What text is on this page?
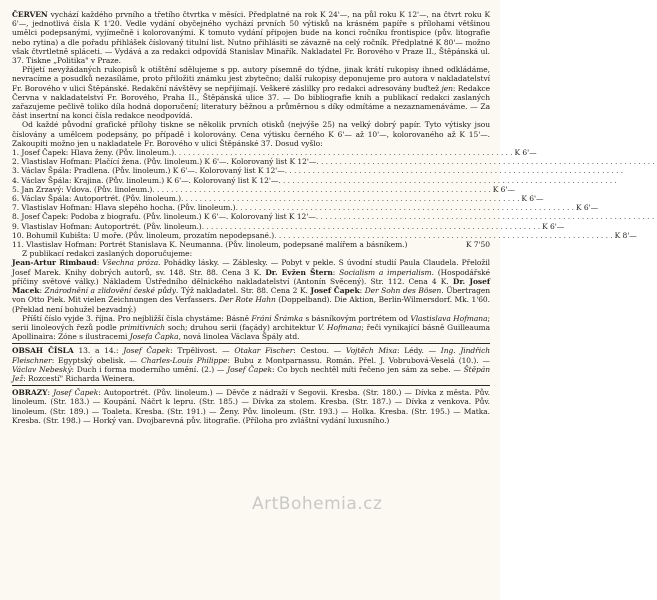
ČERVEN vychází každého prvního a třetího čtvrtka v měsíci. Předplatné na rok K 24'—, na půl roku K 12'—, na čtvrt roku K 6'—, jednotlivá čísla K 1'20. Vedle vydání obyčejného vychází prvních 50 výtisků na krásném papíře s přílohami většinou umělci podepsanými, vyjímečně i kolorovanými. K tomuto vydání připojen bude na konci ročníku frontispice (pův. litografie nebo rytina) a dle pořadu přihlášek číslovaný titulní list. Nutno přihlásiti se závazně na celý ročník. Předplatné K 80'— možno však čtvrtletně spláceti. — Vydává a za redakci odpovídá Stanislav Minařík. Nakladatel Fr. Borového v Praze II., Štěpánská ul. 37. Tiskne „Politika" v Praze.

Přijetí nevyžádaných rukopisů k otištění sdělujeme s pp. autory písemně do týdne, jinak krátí rukopisy ihned odkládáme, nevracíme a posudků nezasíláme, proto přiložiti známku jest zbytečno; další rukopisy deponujeme pro autora v nakladatelství Fr. Borového v ulici Štěpánské. Redakční návštěvy se nepřijímají. Veškeré záslilky pro redakci adresovány buďtež jen: Redakce Června v nakladatelství Fr. Borového, Praha II., Štěpánská ulice 37. — Do bibliografie knih a publikací redakci zaslaných zařazujeme pečlivě toliko díla hodná doporučení; literatury běžnou a průměrnou s díky odmítáme a nezaznamenáváme. — Za část insertní na konci čísla redakce neodpovídá.

Od každé původní grafické přílohy tiskne se několik prvních otisků (nejvýše 25) na velký dobrý papír. Tyto výtisky jsou číslovány a umělcem podepsány, po případě i kolorovány. Cena výtisku černého K 6'— až 10'—, kolorovaného až K 15'—. Zakoupiti možno jen u nakladatele Fr. Borového v ulici Štěpánské 37. Dosud vyšlo:

1. Josef Čapek: Hlava ženy. (Pův. linoleum.) . . . . . . . . . . . . . . . . . . . . . . . . . . . . . . . . . . . . . . . . . . . . . . . . . . . . . . . . . . . . . . . . . . . . . . . . . K 6'—
2. Vlastislav Hofman: Plačící žena. (Pův. linoleum.) K 6'—. Kolorovaný list K 12'— . . . . . . . . . . . . . . . . . . . . . . . . . . . . . . . . . . . . . . . . . . . . . . . . . . . . . . . . . . . . . . . . . . . . . . . . .
3. Václav Špála: Pradlena. (Pův. linoleum.) K 6'—. Kolorovaný list K 12'— . . . . . . . . . . . . . . . . . . . . . . . . . . . . . . . . . . . . . . . . . . . . . . . . . . . . . . . . . . . . . . . . . . . . . . . . .
4. Václav Špála: Krajina. (Pův. linoleum.) K 6'—. Kolorovaný list K 12'— . . . . . . . . . . . . . . . . . . . . . . . . . . . . . . . . . . . . . . . . . . . . . . . . . . . . . . . . . . . . . . . . . . . . . . . . .
5. Jan Zrzavý: Vdova. (Pův. linoleum.) . . . . . . . . . . . . . . . . . . . . . . . . . . . . . . . . . . . . . . . . . . . . . . . . . . . . . . . . . . . . . . . . . . . . . . . . . K 6'—
6. Václav Špála: Autoportrét. (Pův. linoleum.) . . . . . . . . . . . . . . . . . . . . . . . . . . . . . . . . . . . . . . . . . . . . . . . . . . . . . . . . . . . . . . . . . . . . . . . . . K 6'—
7. Vlastislav Hofman: Hlava slepého hocha. (Pův. linoleum.) . . . . . . . . . . . . . . . . . . . . . . . . . . . . . . . . . . . . . . . . . . . . . . . . . . . . . . . . . . . . . . . . . . . . . . . . . K 6'—
8. Josef Čapek: Podoba z biografu. (Pův. linoleum.) K 6'—. Kolorovaný list K 12'— . . . . . . . . . . . . . . . . . . . . . . . . . . . . . . . . . . . . . . . . . . . . . . . . . . . . . . . . . . . . . . . . . . . . . . . . .
9. Vlastislav Hofman: Autoportrét. (Pův. linoleum.) . . . . . . . . . . . . . . . . . . . . . . . . . . . . . . . . . . . . . . . . . . . . . . . . . . . . . . . . . . . . . . . . . . . . . . . . . K 6'—
10. Bohumil Kubišta: U moře. (Pův. linoleum, prozatím nepodepsané.) . . . . . . . . . . . . . . . . . . . . . . . . . . . . . . . . . . . . . . . . . . . . . . . . . . . . . . . . . . . . . . . . . . . . . . . . . K 8'—
11. Vlastislav Hofman: Portrét Stanislava K. Neumanna. (Pův. linoleum, podepsané malířem a básníkem.)	K 7'50

Z publikací redakci zaslaných doporučujeme:

Jean-Artur Rimbaud: Všechna próza. Pohádky lásky. — Záblesky. — Pobyt v pekle. S úvodní studií Paula Claudela. Přeložil Josef Marek. Knihy dobrých autorů, sv. 148. Str. 88. Cena 3 K. Dr. Evžen Štern: Socialism a imperialism. (Hospodářské příčiny světové války.) Nákladem Ústředního dělnického nakladatelství (Antonín Svěcený). Str. 112. Cena 4 K. Dr. Josef Macek: Znárodnění a zlidovění české půdy. Týž nakladatel. Str. 88. Cena 2 K. Josef Čapek: Der Sohn des Bösen. Übertragen von Otto Piek. Mit vielen Zeichnungen des Verfassers. Der Rote Hahn (Doppelband). Die Aktion, Berlin-Wilmersdorf. Mk. 1'60. (Překlad není bohužel bezvadný.)

Příští číslo vyjde 3. října. Pro nejbližší čísla chystáme: Básně Fráni Šrámka s básníkovým portrétem od Vlastislava Hofmana; serii linoleových řezů podle primitivních soch; druhou serii (façády) architektur V. Hofmana; řeči vynikající básně Guilleauma Apollinaira: Zóne s ilustracemi Josefa Čapka, nová linolea Václava Špály atd.

OBSAH ČÍSLA 13. a 14.: Josef Čapek: Trpělivost. — Otakar Fischer: Cestou. — Vojtěch Mixa: Lédy. — Ing. Jindřich Fleischner: Egyptský obelisk. — Charles-Louis Philippe: Bubu z Montparnassu. Román. Přel. J. Vobrubová-Veselá (10.). — Václav Nebeský: Duch i forma moderního umění. (2.) — Josef Čapek: Co bych nechtěl míti řečeno jen sám za sebe. — Štěpán Jež: Rozcestí" Richarda Weinera.

OBRAZY: Josef Čapek: Autoportrét. (Pův. linoleum.) — Děvče z nádraží v Segovii. Kresba. (Str. 180.) — Dívka z města. Pův. linoleum. (Str. 183.) — Koupání. Náčrt k lepru. (Str. 185.) — Dívka za stolem. Kresba. (Str. 187.) — Dívka z venkova. Pův. linoleum. (Str. 189.) — Toaleta. Kresba. (Str. 191.) — Ženy. Pův. linoleum. (Str. 193.) — Holka. Kresba. (Str. 195.) — Matka. Kresba. (Str. 198.) — Horký van. Dvojbarevná pův. litografie. (Příloha pro zvláštní vydání luxusního.)

ArtBohemia.cz
